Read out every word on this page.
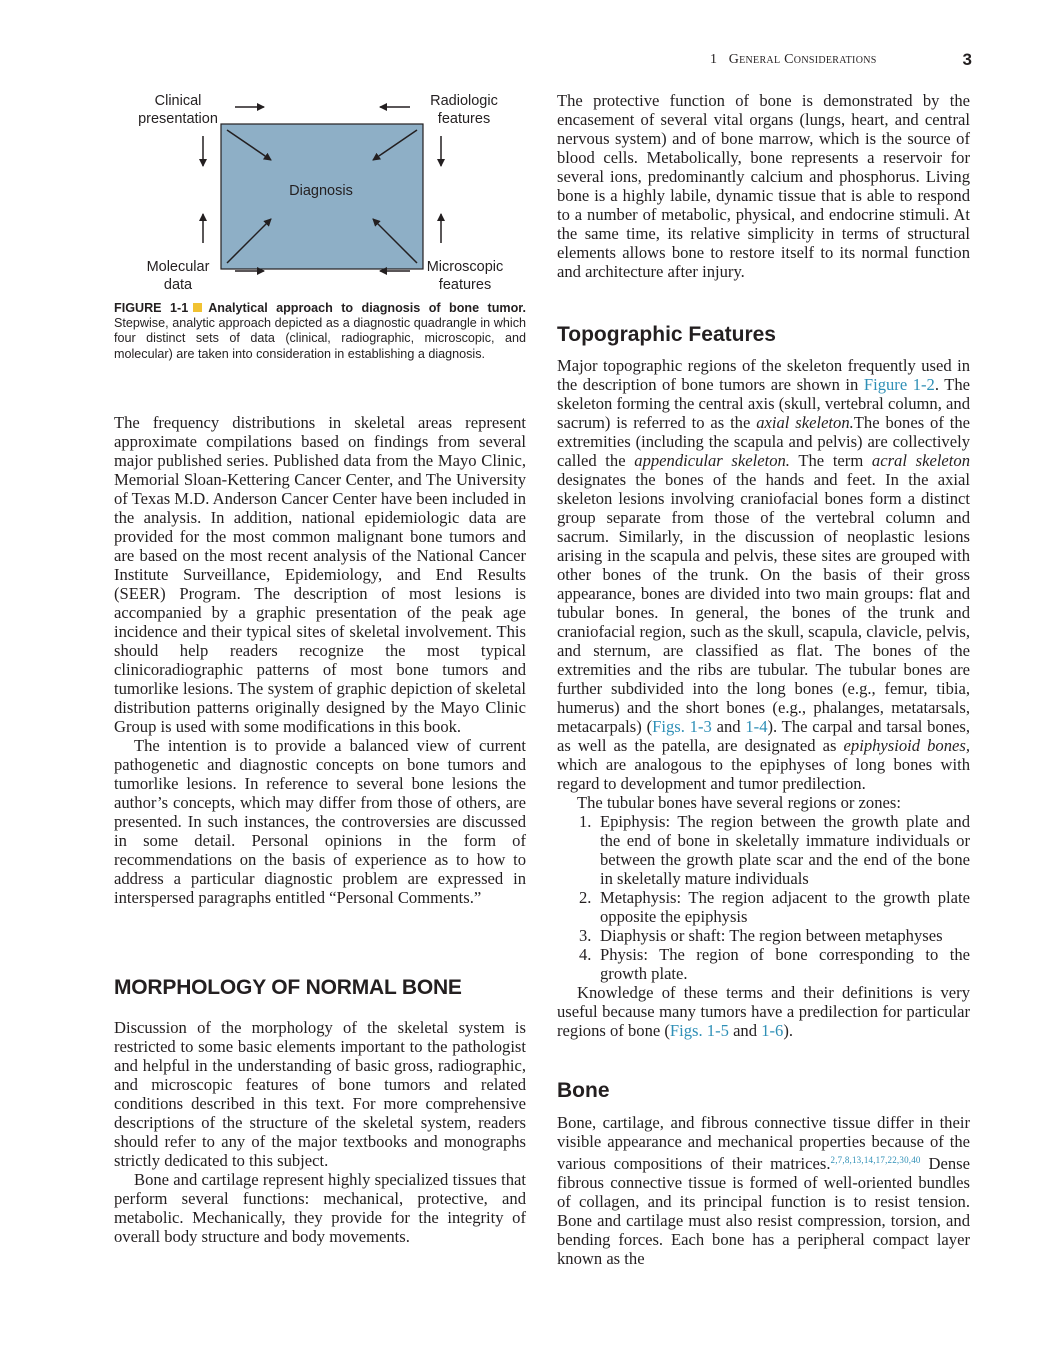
1 General Considerations	3
Clinical
presentation
Radiologic
features
Molecular
data
Microscopic
features
Diagnosis
FIGURE 1-1 Analytical approach to diagnosis of bone tumor. Stepwise, analytic approach depicted as a diagnostic quadrangle in which four distinct sets of data (clinical, radiographic, microscopic, and molecular) are taken into consideration in establishing a diagnosis.

The frequency distributions in skeletal areas represent approximate compilations based on findings from several major published series. Published data from the Mayo Clinic, Memorial Sloan-Kettering Cancer Center, and The University of Texas M.D. Anderson Cancer Center have been included in the analysis. In addition, national epidemiologic data are provided for the most common malignant bone tumors and are based on the most recent analysis of the National Cancer Institute Surveillance, Epidemiology, and End Results (SEER) Program. The description of most lesions is accompanied by a graphic presentation of the peak age incidence and their typical sites of skeletal involvement. This should help readers recognize the most typical clinicoradiographic patterns of most bone tumors and tumorlike lesions. The system of graphic depiction of skeletal distribution patterns originally designed by the Mayo Clinic Group is used with some modifications in this book.

The intention is to provide a balanced view of current pathogenetic and diagnostic concepts on bone tumors and tumorlike lesions. In reference to several bone lesions the author’s concepts, which may differ from those of others, are presented. In such instances, the controversies are discussed in some detail. Personal opinions in the form of recommendations on the basis of experience as to how to address a particular diagnostic problem are expressed in interspersed paragraphs entitled “Personal Comments.”

MORPHOLOGY OF NORMAL BONE

Discussion of the morphology of the skeletal system is restricted to some basic elements important to the pathologist and helpful in the understanding of basic gross, radiographic, and microscopic features of bone tumors and related conditions described in this text. For more comprehensive descriptions of the structure of the skeletal system, readers should refer to any of the major textbooks and monographs strictly dedicated to this subject.

Bone and cartilage represent highly specialized tissues that perform several functions: mechanical, protective, and metabolic. Mechanically, they provide for the integrity of overall body structure and body movements.

The protective function of bone is demonstrated by the encasement of several vital organs (lungs, heart, and central nervous system) and of bone marrow, which is the source of blood cells. Metabolically, bone represents a reservoir for several ions, predominantly calcium and phosphorus. Living bone is a highly labile, dynamic tissue that is able to respond to a number of metabolic, physical, and endocrine stimuli. At the same time, its relative simplicity in terms of structural elements allows bone to restore itself to its normal function and architecture after injury.

Topographic Features

Major topographic regions of the skeleton frequently used in the description of bone tumors are shown in Figure 1-2. The skeleton forming the central axis (skull, vertebral column, and sacrum) is referred to as the axial skeleton.The bones of the extremities (including the scapula and pelvis) are collectively called the appendicular skeleton. The term acral skeleton designates the bones of the hands and feet. In the axial skeleton lesions involving craniofacial bones form a distinct group separate from those of the vertebral column and sacrum. Similarly, in the discussion of neoplastic lesions arising in the scapula and pelvis, these sites are grouped with other bones of the trunk. On the basis of their gross appearance, bones are divided into two main groups: flat and tubular bones. In general, the bones of the trunk and craniofacial region, such as the skull, scapula, clavicle, pelvis, and sternum, are classified as flat. The bones of the extremities and the ribs are tubular. The tubular bones are further subdivided into the long bones (e.g., femur, tibia, humerus) and the short bones (e.g., phalanges, metatarsals, metacarpals) (Figs. 1-3 and 1-4). The carpal and tarsal bones, as well as the patella, are designated as epiphysioid bones, which are analogous to the epiphyses of long bones with regard to development and tumor predilection.

The tubular bones have several regions or zones:

1. Epiphysis: The region between the growth plate and the end of bone in skeletally immature individuals or between the growth plate scar and the end of the bone in skeletally mature individuals
2. Metaphysis: The region adjacent to the growth plate opposite the epiphysis
3. Diaphysis or shaft: The region between metaphyses
4. Physis: The region of bone corresponding to the growth plate.

Knowledge of these terms and their definitions is very useful because many tumors have a predilection for particular regions of bone (Figs. 1-5 and 1-6).

Bone

Bone, cartilage, and fibrous connective tissue differ in their visible appearance and mechanical properties because of the various compositions of their matrices.$^{2,7,8,13,14,17,22,30,40}$ Dense fibrous connective tissue is formed of well-oriented bundles of collagen, and its principal function is to resist tension. Bone and cartilage must also resist compression, torsion, and bending forces. Each bone has a peripheral compact layer known as the
